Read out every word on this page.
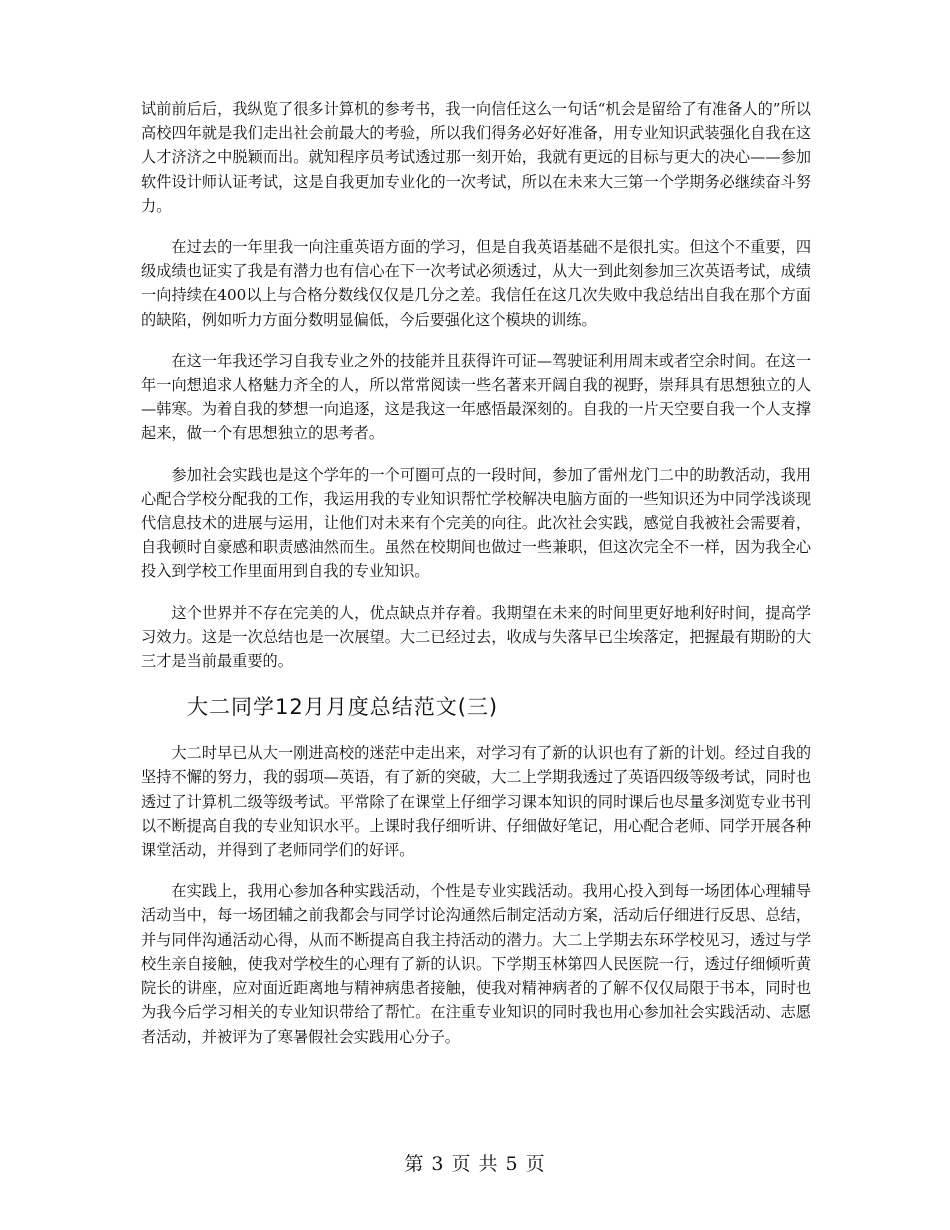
试前前后后，我纵览了很多计算机的参考书，我一向信任这么一句话“机会是留给了有准备人的”所以高校四年就是我们走出社会前最大的考验，所以我们得务必好好准备，用专业知识武装强化自我在这人才济济之中脱颖而出。就知程序员考试透过那一刻开始，我就有更远的目标与更大的决心——参加软件设计师认证考试，这是自我更加专业化的一次考试，所以在未来大三第一个学期务必继续奋斗努力。

在过去的一年里我一向注重英语方面的学习，但是自我英语基础不是很扎实。但这个不重要，四级成绩也证实了我是有潜力也有信心在下一次考试必须透过，从大一到此刻参加三次英语考试，成绩一向持续在400以上与合格分数线仅仅是几分之差。我信任在这几次失败中我总结出自我在那个方面的缺陷，例如听力方面分数明显偏低，今后要强化这个模块的训练。

在这一年我还学习自我专业之外的技能并且获得许可证—驾驶证利用周末或者空余时间。在这一年一向想追求人格魅力齐全的人，所以常常阅读一些名著来开阔自我的视野，崇拜具有思想独立的人—韩寒。为着自我的梦想一向追逐，这是我这一年感悟最深刻的。自我的一片天空要自我一个人支撑起来，做一个有思想独立的思考者。

参加社会实践也是这个学年的一个可圈可点的一段时间，参加了雷州龙门二中的助教活动，我用心配合学校分配我的工作，我运用我的专业知识帮忙学校解决电脑方面的一些知识还为中同学浅谈现代信息技术的进展与运用，让他们对未来有个完美的向往。此次社会实践，感觉自我被社会需要着，自我顿时自豪感和职责感油然而生。虽然在校期间也做过一些兼职，但这次完全不一样，因为我全心投入到学校工作里面用到自我的专业知识。

这个世界并不存在完美的人，优点缺点并存着。我期望在未来的时间里更好地利好时间，提高学习效力。这是一次总结也是一次展望。大二已经过去，收成与失落早已尘埃落定，把握最有期盼的大三才是当前最重要的。

大二同学12月月度总结范文(三)

大二时早已从大一刚进高校的迷茫中走出来，对学习有了新的认识也有了新的计划。经过自我的坚持不懈的努力，我的弱项—英语，有了新的突破，大二上学期我透过了英语四级等级考试，同时也透过了计算机二级等级考试。平常除了在课堂上仔细学习课本知识的同时课后也尽量多浏览专业书刊以不断提高自我的专业知识水平。上课时我仔细听讲、仔细做好笔记，用心配合老师、同学开展各种课堂活动，并得到了老师同学们的好评。

在实践上，我用心参加各种实践活动，个性是专业实践活动。我用心投入到每一场团体心理辅导活动当中，每一场团辅之前我都会与同学讨论沟通然后制定活动方案，活动后仔细进行反思、总结，并与同伴沟通活动心得，从而不断提高自我主持活动的潜力。大二上学期去东环学校见习，透过与学校生亲自接触，使我对学校生的心理有了新的认识。下学期玉林第四人民医院一行，透过仔细倾听黄院长的讲座，应对面近距离地与精神病患者接触，使我对精神病者的了解不仅仅局限于书本，同时也为我今后学习相关的专业知识带给了帮忙。在注重专业知识的同时我也用心参加社会实践活动、志愿者活动，并被评为了寒暑假社会实践用心分子。

第 3 页 共 5 页
